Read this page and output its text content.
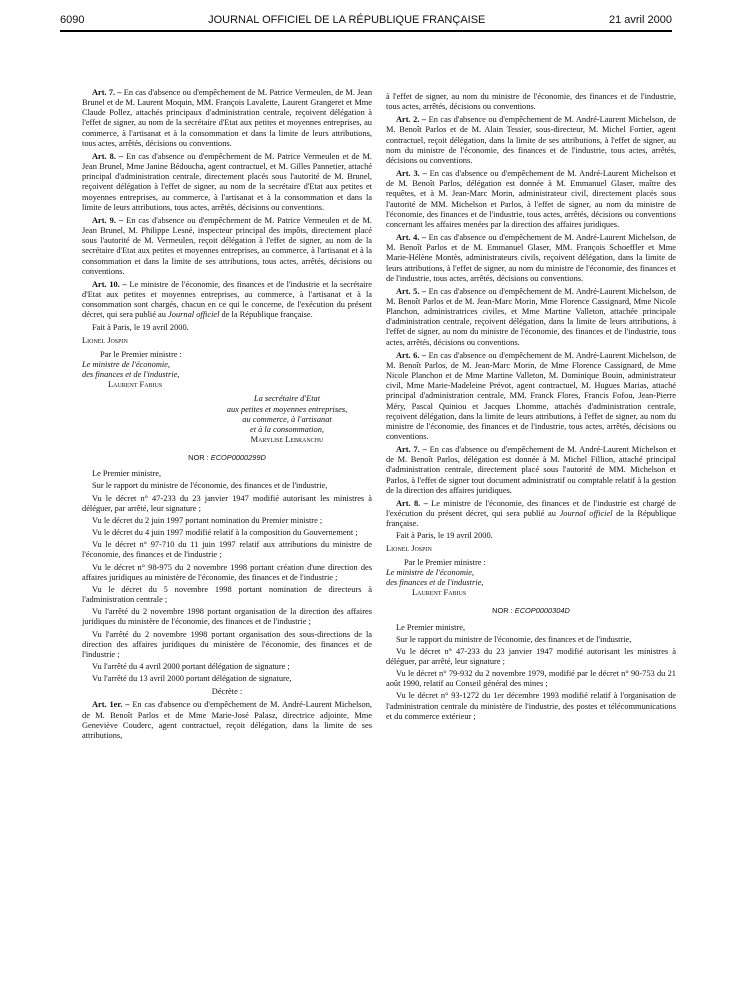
6090	JOURNAL OFFICIEL DE LA RÉPUBLIQUE FRANÇAISE	21 avril 2000

Art. 7. – En cas d'absence ou d'empêchement de M. Patrice Vermeulen, de M. Jean Brunel et de M. Laurent Moquin, MM. François Lavalette, Laurent Grangeret et Mme Claude Pollez, attachés principaux d'administration centrale, reçoivent délégation à l'effet de signer, au nom de la secrétaire d'Etat aux petites et moyennes entreprises, au commerce, à l'artisanat et à la consommation et dans la limite de leurs attributions, tous actes, arrêtés, décisions ou conventions.

Art. 8. – En cas d'absence ou d'empêchement de M. Patrice Vermeulen et de M. Jean Brunel, Mme Janine Bédoucha, agent contractuel, et M. Gilles Pannetier, attaché principal d'administration centrale, directement placés sous l'autorité de M. Brunel, reçoivent délégation à l'effet de signer, au nom de la secrétaire d'Etat aux petites et moyennes entreprises, au commerce, à l'artisanat et à la consommation et dans la limite de leurs attributions, tous actes, arrêtés, décisions ou conventions.

Art. 9. – En cas d'absence ou d'empêchement de M. Patrice Vermeulen et de M. Jean Brunel, M. Philippe Lesné, inspecteur principal des impôts, directement placé sous l'autorité de M. Vermeulen, reçoit délégation à l'effet de signer, au nom de la secrétaire d'Etat aux petites et moyennes entreprises, au commerce, à l'artisanat et à la consommation et dans la limite de ses attributions, tous actes, arrêtés, décisions ou conventions.

Art. 10. – Le ministre de l'économie, des finances et de l'industrie et la secrétaire d'Etat aux petites et moyennes entreprises, au commerce, à l'artisanat et à la consommation sont chargés, chacun en ce qui le concerne, de l'exécution du présent décret, qui sera publié au Journal officiel de la République française.

Fait à Paris, le 19 avril 2000.

Lionel Jospin

Par le Premier ministre :

Le ministre de l'économie,

des finances et de l'industrie,

Laurent Fabius

La secrétaire d'Etat

aux petites et moyennes entreprises,

au commerce, à l'artisanat

et à la consommation,

Marylise Lebranchu

NOR : ECOP0000299D

Le Premier ministre,

Sur le rapport du ministre de l'économie, des finances et de l'industrie,

Vu le décret n° 47-233 du 23 janvier 1947 modifié autorisant les ministres à déléguer, par arrêté, leur signature ;

Vu le décret du 2 juin 1997 portant nomination du Premier ministre ;

Vu le décret du 4 juin 1997 modifié relatif à la composition du Gouvernement ;

Vu le décret n° 97-710 du 11 juin 1997 relatif aux attributions du ministre de l'économie, des finances et de l'industrie ;

Vu le décret n° 98-975 du 2 novembre 1998 portant création d'une direction des affaires juridiques au ministère de l'économie, des finances et de l'industrie ;

Vu le décret du 5 novembre 1998 portant nomination de directeurs à l'administration centrale ;

Vu l'arrêté du 2 novembre 1998 portant organisation de la direction des affaires juridiques du ministère de l'économie, des finances et de l'industrie ;

Vu l'arrêté du 2 novembre 1998 portant organisation des sous-directions de la direction des affaires juridiques du ministère de l'économie, des finances et de l'industrie ;

Vu l'arrêté du 4 avril 2000 portant délégation de signature ;

Vu l'arrêté du 13 avril 2000 portant délégation de signature,

Décrète :

Art. 1er. – En cas d'absence ou d'empêchement de M. André-Laurent Michelson, de M. Benoît Parlos et de Mme Marie-José Palasz, directrice adjointe, Mme Geneviève Couderc, agent contractuel, reçoit délégation, dans la limite de ses attributions,

à l'effet de signer, au nom du ministre de l'économie, des finances et de l'industrie, tous actes, arrêtés, décisions ou conventions.

Art. 2. – En cas d'absence ou d'empêchement de M. André-Laurent Michelson, de M. Benoît Parlos et de M. Alain Tessier, sous-directeur, M. Michel Fortier, agent contractuel, reçoit délégation, dans la limite de ses attributions, à l'effet de signer, au nom du ministre de l'économie, des finances et de l'industrie, tous actes, arrêtés, décisions ou conventions.

Art. 3. – En cas d'absence ou d'empêchement de M. André-Laurent Michelson et de M. Benoît Parlos, délégation est donnée à M. Emmanuel Glaser, maître des requêtes, et à M. Jean-Marc Morin, administrateur civil, directement placés sous l'autorité de MM. Michelson et Parlos, à l'effet de signer, au nom du ministre de l'économie, des finances et de l'industrie, tous actes, arrêtés, décisions ou conventions concernant les affaires menées par la direction des affaires juridiques.

Art. 4. – En cas d'absence ou d'empêchement de M. André-Laurent Michelson, de M. Benoît Parlos et de M. Emmanuel Glaser, MM. François Schoeffler et Mme Marie-Hélène Montès, administrateurs civils, reçoivent délégation, dans la limite de leurs attributions, à l'effet de signer, au nom du ministre de l'économie, des finances et de l'industrie, tous actes, arrêtés, décisions ou conventions.

Art. 5. – En cas d'absence ou d'empêchement de M. André-Laurent Michelson, de M. Benoît Parlos et de M. Jean-Marc Morin, Mme Florence Cassignard, Mme Nicole Planchon, administratrices civiles, et Mme Martine Valleton, attachée principale d'administration centrale, reçoivent délégation, dans la limite de leurs attributions, à l'effet de signer, au nom du ministre de l'économie, des finances et de l'industrie, tous actes, arrêtés, décisions ou conventions.

Art. 6. – En cas d'absence ou d'empêchement de M. André-Laurent Michelson, de M. Benoît Parlos, de M. Jean-Marc Morin, de Mme Florence Cassignard, de Mme Nicole Planchon et de Mme Martine Valleton, M. Dominique Bouin, administrateur civil, Mme Marie-Madeleine Prévot, agent contractuel, M. Hugues Marias, attaché principal d'administration centrale, MM. Franck Flores, Francis Fofou, Jean-Pierre Méry, Pascal Quiniou et Jacques Lhomme, attachés d'administration centrale, reçoivent délégation, dans la limite de leurs attributions, à l'effet de signer, au nom du ministre de l'économie, des finances et de l'industrie, tous actes, arrêtés, décisions ou conventions.

Art. 7. – En cas d'absence ou d'empêchement de M. André-Laurent Michelson et de M. Benoît Parlos, délégation est donnée à M. Michel Fillion, attaché principal d'administration centrale, directement placé sous l'autorité de MM. Michelson et Parlos, à l'effet de signer tout document administratif ou comptable relatif à la gestion de la direction des affaires juridiques.

Art. 8. – Le ministre de l'économie, des finances et de l'industrie est chargé de l'exécution du présent décret, qui sera publié au Journal officiel de la République française.

Fait à Paris, le 19 avril 2000.

Lionel Jospin

Par le Premier ministre :

Le ministre de l'économie,

des finances et de l'industrie,

Laurent Fabius

NOR : ECOP0000304D

Le Premier ministre,

Sur le rapport du ministre de l'économie, des finances et de l'industrie,

Vu le décret n° 47-233 du 23 janvier 1947 modifié autorisant les ministres à déléguer, par arrêté, leur signature ;

Vu le décret n° 79-932 du 2 novembre 1979, modifié par le décret n° 90-753 du 21 août 1990, relatif au Conseil général des mines ;

Vu le décret n° 93-1272 du 1er décembre 1993 modifié relatif à l'organisation de l'administration centrale du ministère de l'industrie, des postes et télécommunications et du commerce extérieur ;
